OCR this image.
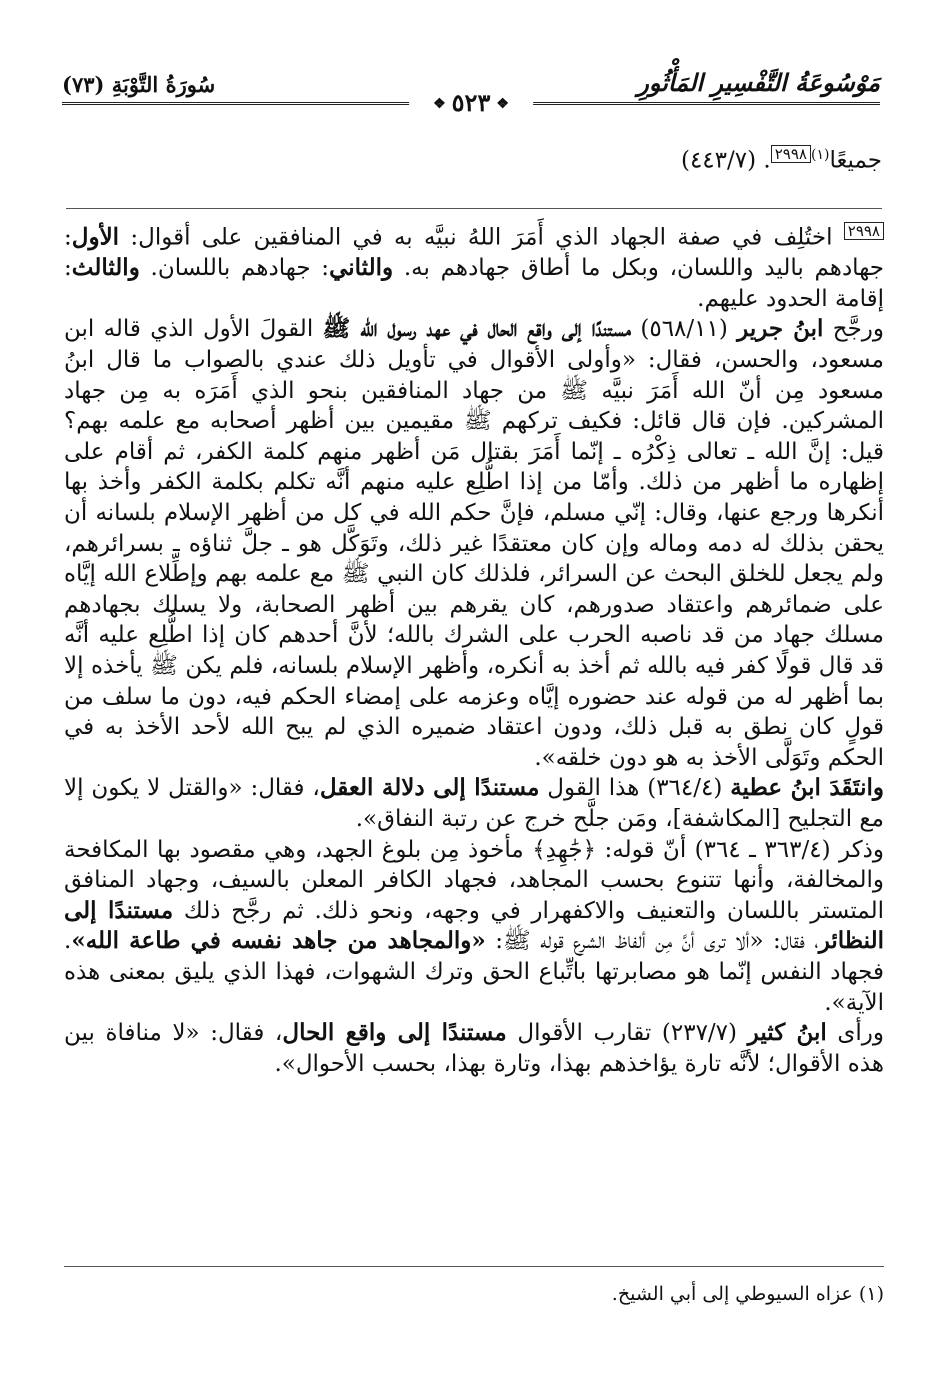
سُورَةُ التَّوْبَةِ (٧٣)	مَوْسُوعَةُ التَّفْسِيرِ المَأْثُورِ
❖ ٥٢٣ ❖
جميعًا$^{(١)}$٢٩٩٨. (٤٤٣/٧)

٢٩٩٨ اختُلِف في صفة الجهاد الذي أَمَرَ اللهُ نبيَّه به في المنافقين على أقوال: الأول: جهادهم باليد واللسان، وبكل ما أطاق جهادهم به. والثاني: جهادهم باللسان. والثالث: إقامة الحدود عليهم.

ورجَّح ابنُ جرير (٥٦٨/١١) مستندًا إلى واقع الحال في عهد رسول الله ﷺ القولَ الأول الذي قاله ابن مسعود، والحسن، فقال: «وأولى الأقوال في تأويل ذلك عندي بالصواب ما قال ابنُ مسعود مِن أنّ الله أَمَرَ نبيَّه ﷺ من جهاد المنافقين بنحو الذي أَمَرَه به مِن جهاد المشركين. فإن قال قائل: فكيف تركهم ﷺ مقيمين بين أظهر أصحابه مع علمه بهم؟ قيل: إنَّ الله ـ تعالى ذِكْرُه ـ إنّما أَمَرَ بقتال مَن أظهر منهم كلمة الكفر، ثم أقام على إظهاره ما أظهر من ذلك. وأمّا من إذا اطُّلِع عليه منهم أنَّه تكلم بكلمة الكفر وأخذ بها أنكرها ورجع عنها، وقال: إنّي مسلم، فإنَّ حكم الله في كل من أظهر الإسلام بلسانه أن يحقن بذلك له دمه وماله وإن كان معتقدًا غير ذلك، وتَوَكَّل هو ـ جلَّ ثناؤه ـ بسرائرهم، ولم يجعل للخلق البحث عن السرائر، فلذلك كان النبي ﷺ مع علمه بهم وإطِّلاع الله إيَّاه على ضمائرهم واعتقاد صدورهم، كان يقرهم بين أظهر الصحابة، ولا يسلك بجهادهم مسلك جهاد من قد ناصبه الحرب على الشرك بالله؛ لأنَّ أحدهم كان إذا اطُّلِع عليه أنَّه قد قال قولًا كفر فيه بالله ثم أخذ به أنكره، وأظهر الإسلام بلسانه، فلم يكن ﷺ يأخذه إلا بما أظهر له من قوله عند حضوره إيَّاه وعزمه على إمضاء الحكم فيه، دون ما سلف من قولٍ كان نطق به قبل ذلك، ودون اعتقاد ضميره الذي لم يبح الله لأحد الأخذ به في الحكم وتَوَلَّى الأخذ به هو دون خلقه».

وانتَقَدَ ابنُ عطية (٣٦٤/٤) هذا القول مستندًا إلى دلالة العقل، فقال: «والقتل لا يكون إلا مع التجليح [المكاشفة]، ومَن جلَّح خرج عن رتبة النفاق».

وذكر (٣٦٣/٤ ـ ٣٦٤) أنّ قوله: ﴿جَٰهِدِ﴾ مأخوذ مِن بلوغ الجهد، وهي مقصود بها المكافحة والمخالفة، وأنها تتنوع بحسب المجاهد، فجهاد الكافر المعلن بالسيف، وجهاد المنافق المتستر باللسان والتعنيف والاكفهرار في وجهه، ونحو ذلك. ثم رجَّح ذلك مستندًا إلى النظائر، فقال: «ألا ترى أنَّ مِن ألفاظ الشرع قوله ﷺ: «والمجاهد من جاهد نفسه في طاعة الله». فجهاد النفس إنّما هو مصابرتها باتِّباع الحق وترك الشهوات، فهذا الذي يليق بمعنى هذه الآية».

ورأى ابنُ كثير (٢٣٧/٧) تقارب الأقوال مستندًا إلى واقع الحال، فقال: «لا منافاة بين هذه الأقوال؛ لأنَّه تارة يؤاخذهم بهذا، وتارة بهذا، بحسب الأحوال».

(١) عزاه السيوطي إلى أبي الشيخ.
